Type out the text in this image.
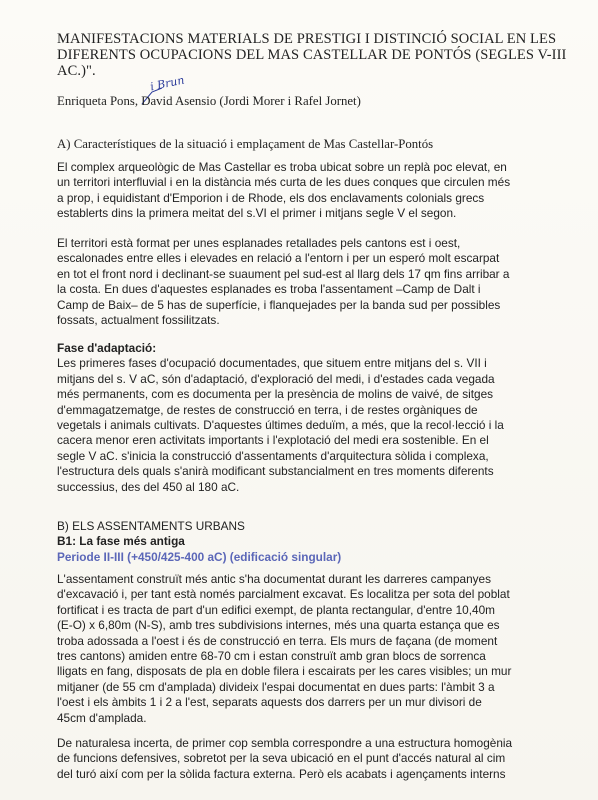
MANIFESTACIONS MATERIALS DE PRESTIGI I DISTINCIÓ SOCIAL EN LES
DIFERENTS OCUPACIONS DEL MAS CASTELLAR DE PONTÓS (SEGLES V-III
AC.)".
i Brun
Enriqueta Pons, David Asensio (Jordi Morer i Rafel Jornet)
A) Característiques de la situació i emplaçament de Mas Castellar-Pontós
El complex arqueològic de Mas Castellar es troba ubicat sobre un replà poc elevat, en
un territori interfluvial i en la distància més curta de les dues conques que circulen més
a prop, i equidistant d'Emporion i de Rhode, els dos enclavaments colonials grecs
establerts dins la primera meitat del s.VI el primer i mitjans segle V el segon.
El territori està format per unes esplanades retallades pels cantons est i oest,
escalonades entre elles i elevades en relació a l'entorn i per un esperó molt escarpat
en tot el front nord i declinant-se suaument pel sud-est al llarg dels 17 qm fins arribar a
la costa. En dues d'aquestes esplanades es troba l'assentament –Camp de Dalt i
Camp de Baix– de 5 has de superfície, i flanquejades per la banda sud per possibles
fossats, actualment fossilitzats.
Fase d'adaptació:
Les primeres fases d'ocupació documentades, que situem entre mitjans del s. VII i
mitjans del s. V aC, són d'adaptació, d'exploració del medi, i d'estades cada vegada
més permanents, com es documenta per la presència de molins de vaivé, de sitges
d'emmagatzematge, de restes de construcció en terra, i de restes orgàniques de
vegetals i animals cultivats. D'aquestes últimes deduïm, a més, que la recol·lecció i la
cacera menor eren activitats importants i l'explotació del medi era sostenible. En el
segle V aC. s'inicia la construcció d'assentaments d'arquitectura sòlida i complexa,
l'estructura dels quals s'anirà modificant substancialment en tres moments diferents
successius, des del 450 al 180 aC.
B) ELS ASSENTAMENTS URBANS
B1: La fase més antiga
Periode II-III (+450/425-400 aC) (edificació singular)
L'assentament construït més antic s'ha documentat durant les darreres campanyes
d'excavació i, per tant està només parcialment excavat. Es localitza per sota del poblat
fortificat i es tracta de part d'un edifici exempt, de planta rectangular, d'entre 10,40m
(E-O) x 6,80m (N-S), amb tres subdivisions internes, més una quarta estança que es
troba adossada a l'oest i és de construcció en terra. Els murs de façana (de moment
tres cantons) amiden entre 68-70 cm i estan construït amb gran blocs de sorrenca
lligats en fang, disposats de pla en doble filera i escairats per les cares visibles; un mur
mitjaner (de 55 cm d'amplada) divideix l'espai documentat en dues parts: l'àmbit 3 a
l'oest i els àmbits 1 i 2 a l'est, separats aquests dos darrers per un mur divisori de
45cm d'amplada.
De naturalesa incerta, de primer cop sembla correspondre a una estructura homogènia
de funcions defensives, sobretot per la seva ubicació en el punt d'accés natural al cim
del turó així com per la sòlida factura externa. Però els acabats i agençaments interns
